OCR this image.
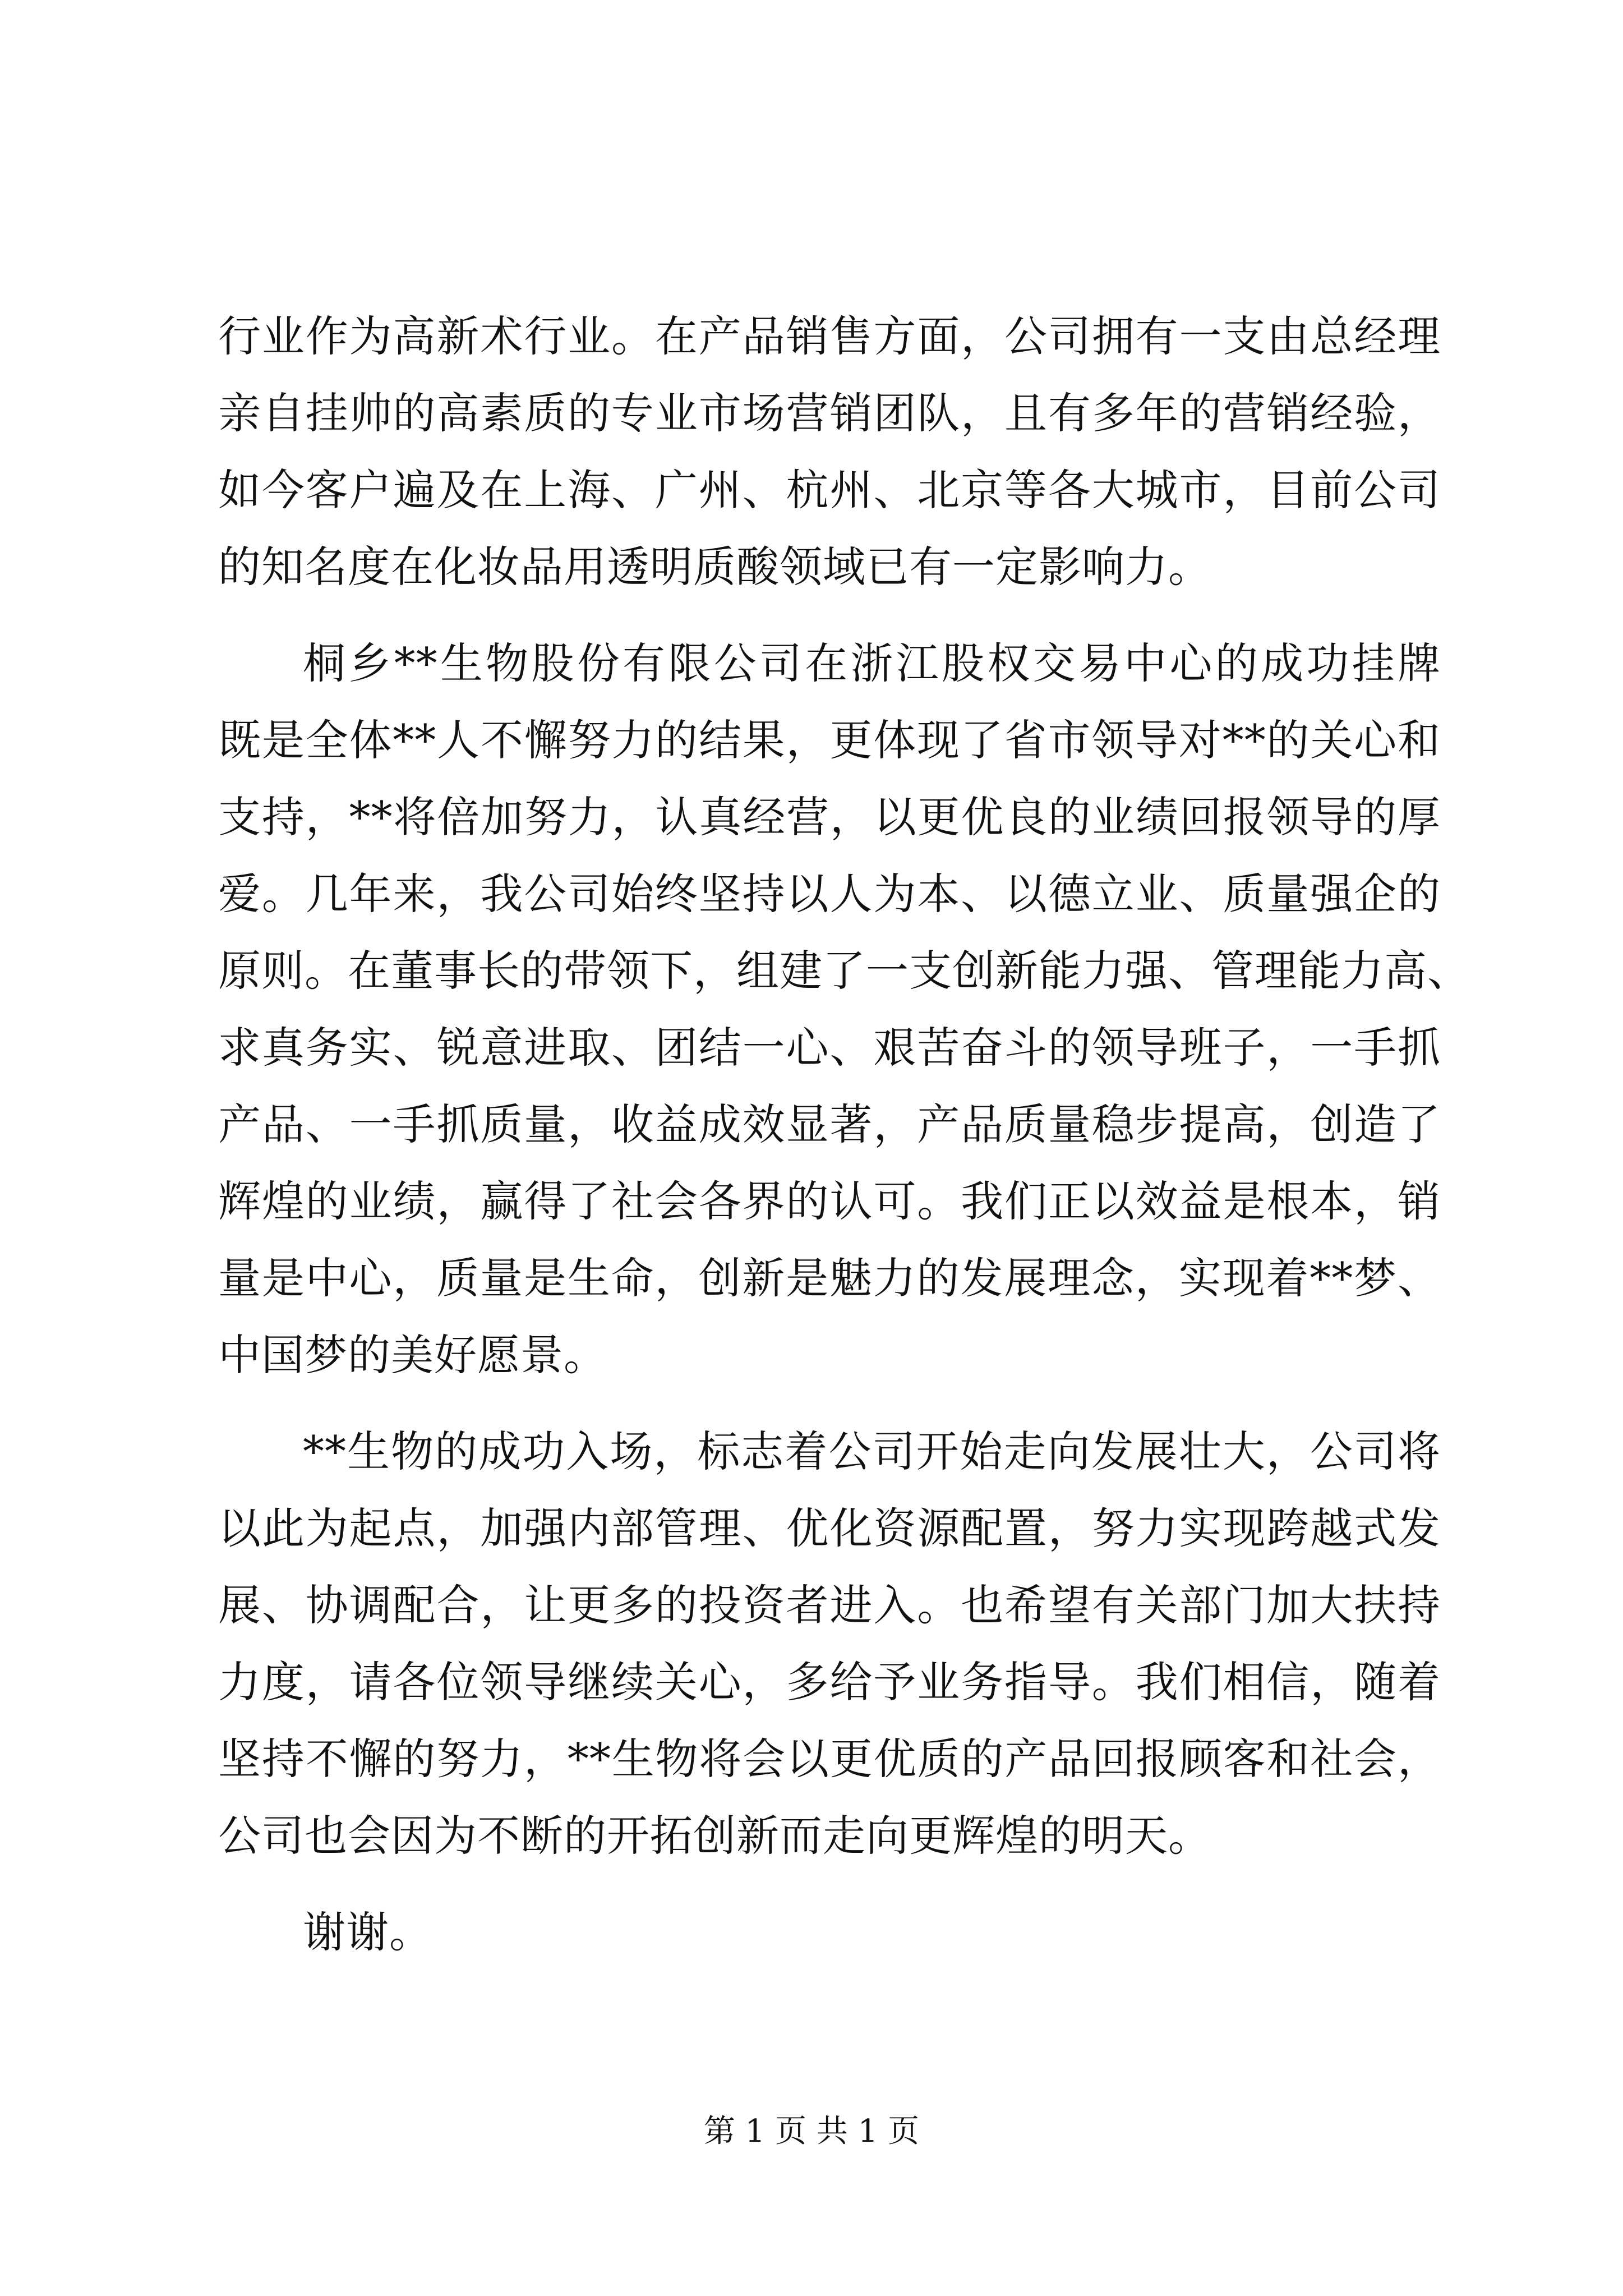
行业作为高新术行业。在产品销售方面，公司拥有一支由总经理
亲自挂帅的高素质的专业市场营销团队，且有多年的营销经验，
如今客户遍及在上海、广州、杭州、北京等各大城市，目前公司
的知名度在化妆品用透明质酸领域已有一定影响力。
桐乡**生物股份有限公司在浙江股权交易中心的成功挂牌
既是全体**人不懈努力的结果，更体现了省市领导对**的关心和
支持，**将倍加努力，认真经营，以更优良的业绩回报领导的厚
爱。几年来，我公司始终坚持以人为本、以德立业、质量强企的
原则。在董事长的带领下，组建了一支创新能力强、管理能力高、
求真务实、锐意进取、团结一心、艰苦奋斗的领导班子，一手抓
产品、一手抓质量，收益成效显著，产品质量稳步提高，创造了
辉煌的业绩，赢得了社会各界的认可。我们正以效益是根本，销
量是中心，质量是生命，创新是魅力的发展理念，实现着**梦、
中国梦的美好愿景。
**生物的成功入场，标志着公司开始走向发展壮大，公司将
以此为起点，加强内部管理、优化资源配置，努力实现跨越式发
展、协调配合，让更多的投资者进入。也希望有关部门加大扶持
力度，请各位领导继续关心，多给予业务指导。我们相信，随着
坚持不懈的努力，**生物将会以更优质的产品回报顾客和社会，
公司也会因为不断的开拓创新而走向更辉煌的明天。
谢谢。
第 1 页 共 1 页
